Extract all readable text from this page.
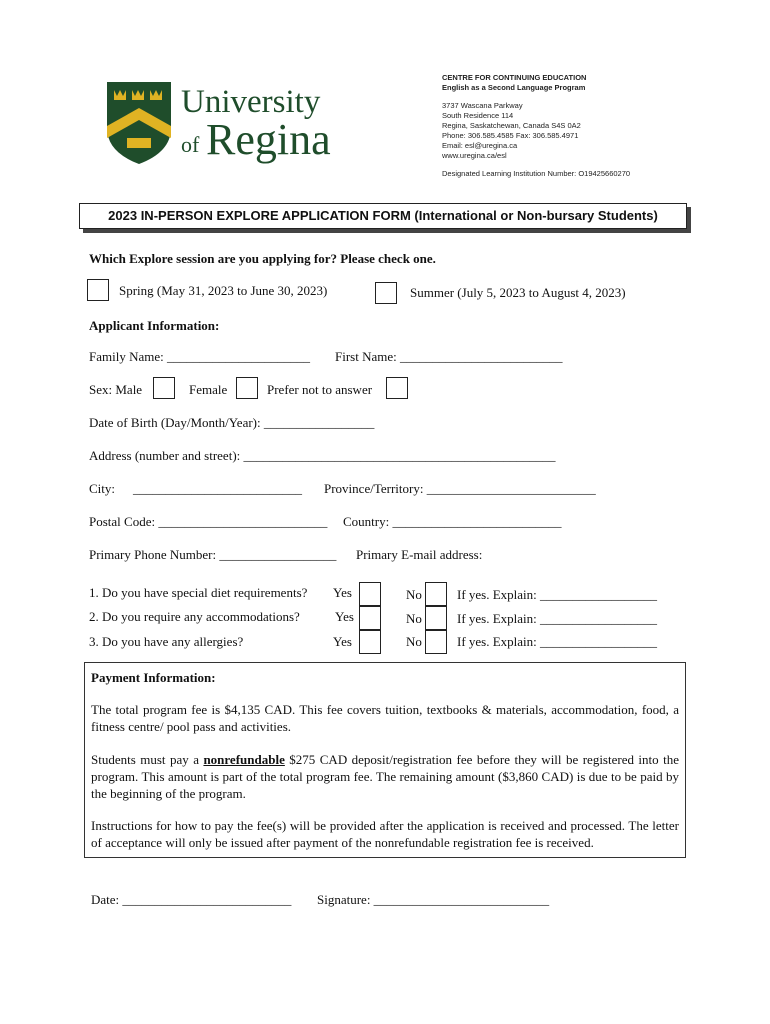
University
of Regina
CENTRE FOR CONTINUING EDUCATION
English as a Second Language Program
3737 Wascana Parkway
South Residence 114
Regina, Saskatchewan, Canada S4S 0A2
Phone: 306.585.4585 Fax: 306.585.4971
Email: esl@uregina.ca
www.uregina.ca/esl
Designated Learning Institution Number: O19425660270
2023 IN-PERSON EXPLORE APPLICATION FORM (International or Non-bursary Students)
Which Explore session are you applying for? Please check one.
Spring (May 31, 2023 to June 30, 2023)	Summer (July 5, 2023 to August 4, 2023)
Applicant Information:
Family Name: ______________________ First Name: _________________________
Sex: Male	Female	Prefer not to answer
Date of Birth (Day/Month/Year): _________________
Address (number and street): ________________________________________________
City: __________________________ Province/Territory: __________________________
Postal Code: __________________________ Country: __________________________
Primary Phone Number: __________________ Primary E-mail address:
1. Do you have special diet requirements? Yes	No	If yes. Explain: __________________
2. Do you require any accommodations?	Yes	No	If yes. Explain: __________________
3. Do you have any allergies?	Yes	No	If yes. Explain: __________________
Payment Information:
The total program fee is $4,135 CAD. This fee covers tuition, textbooks & materials, accommodation, food, a fitness centre/ pool pass and activities.
Students must pay a nonrefundable $275 CAD deposit/registration fee before they will be registered into the program. This amount is part of the total program fee. The remaining amount ($3,860 CAD) is due to be paid by the beginning of the program.
Instructions for how to pay the fee(s) will be provided after the application is received and processed. The letter of acceptance will only be issued after payment of the nonrefundable registration fee is received.
Date: __________________________ Signature: ___________________________
